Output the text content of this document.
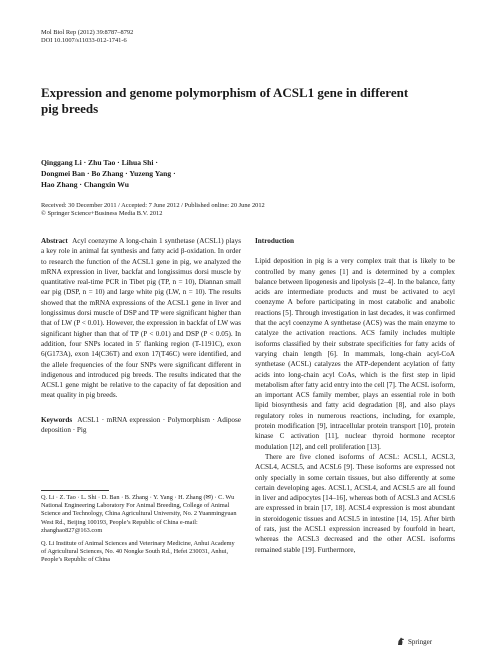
Mol Biol Rep (2012) 39:8787–8792
DOI 10.1007/s11033-012-1741-6
Expression and genome polymorphism of ACSL1 gene in different
pig breeds
Qinggang Li · Zhu Tao · Lihua Shi ·
Dongmei Ban · Bo Zhang · Yuzeng Yang ·
Hao Zhang · Changxin Wu
Received: 30 December 2011 / Accepted: 7 June 2012 / Published online: 20 June 2012
© Springer Science+Business Media B.V. 2012

Abstract Acyl coenzyme A long-chain 1 synthetase (ACSL1) plays a key role in animal fat synthesis and fatty acid β-oxidation. In order to research the function of the ACSL1 gene in pig, we analyzed the mRNA expression in liver, backfat and longissimus dorsi muscle by quantitative real-time PCR in Tibet pig (TP, n = 10), Diannan small ear pig (DSP, n = 10) and large white pig (LW, n = 10). The results showed that the mRNA expressions of the ACSL1 gene in liver and longissimus dorsi muscle of DSP and TP were significant higher than that of LW (P < 0.01). However, the expression in backfat of LW was significant higher than that of TP (P < 0.01) and DSP (P < 0.05). In addition, four SNPs located in 5′ flanking region (T-1191C), exon 6(G173A), exon 14(C36T) and exon 17(T46C) were identified, and the allele frequencies of the four SNPs were significant different in indigenous and introduced pig breeds. The results indicated that the ACSL1 gene might be relative to the capacity of fat deposition and meat quality in pig breeds.

Keywords ACSL1 · mRNA expression · Polymorphism · Adipose deposition · Pig

Q. Li · Z. Tao · L. Shi · D. Ban · B. Zhang · Y. Yang · H. Zhang (✉) · C. Wu National Engineering Laboratory For Animal Breeding, College of Animal Science and Technology, China Agricultural University, No. 2 Yuanmingyuan West Rd., Beijing 100193, People’s Republic of China e-mail: zhanghao827@163.com

Q. Li Institute of Animal Sciences and Veterinary Medicine, Anhui Academy of Agricultural Sciences, No. 40 Nongke South Rd., Hefei 230031, Anhui, People’s Republic of China

Introduction

Lipid deposition in pig is a very complex trait that is likely to be controlled by many genes [1] and is determined by a complex balance between lipogenesis and lipolysis [2–4]. In the balance, fatty acids are intermediate products and must be activated to acyl coenzyme A before participating in most catabolic and anabolic reactions [5]. Through investigation in last decades, it was confirmed that the acyl coenzyme A synthetase (ACS) was the main enzyme to catalyze the activation reactions. ACS family includes multiple isoforms classified by their substrate specificities for fatty acids of varying chain length [6]. In mammals, long-chain acyl-CoA synthetase (ACSL) catalyzes the ATP-dependent acylation of fatty acids into long-chain acyl CoAs, which is the first step in lipid metabolism after fatty acid entry into the cell [7]. The ACSL isoform, an important ACS family member, plays an essential role in both lipid biosynthesis and fatty acid degradation [8], and also plays regulatory roles in numerous reactions, including, for example, protein modification [9], intracellular protein transport [10], protein kinase C activation [11], nuclear thyroid hormone receptor modulation [12], and cell proliferation [13].

There are five cloned isoforms of ACSL: ACSL1, ACSL3, ACSL4, ACSL5, and ACSL6 [9]. These isoforms are expressed not only specially in some certain tissues, but also differently at some certain developing ages. ACSL1, ACSL4, and ACSL5 are all found in liver and adipocytes [14–16], whereas both of ACSL3 and ACSL6 are expressed in brain [17, 18]. ACSL4 expression is most abundant in steroidogenic tissues and ACSL5 in intestine [14, 15]. After birth of rats, just the ACSL1 expression increased by fourfold in heart, whereas the ACSL3 decreased and the other ACSL isoforms remained stable [19]. Furthermore,

Springer
